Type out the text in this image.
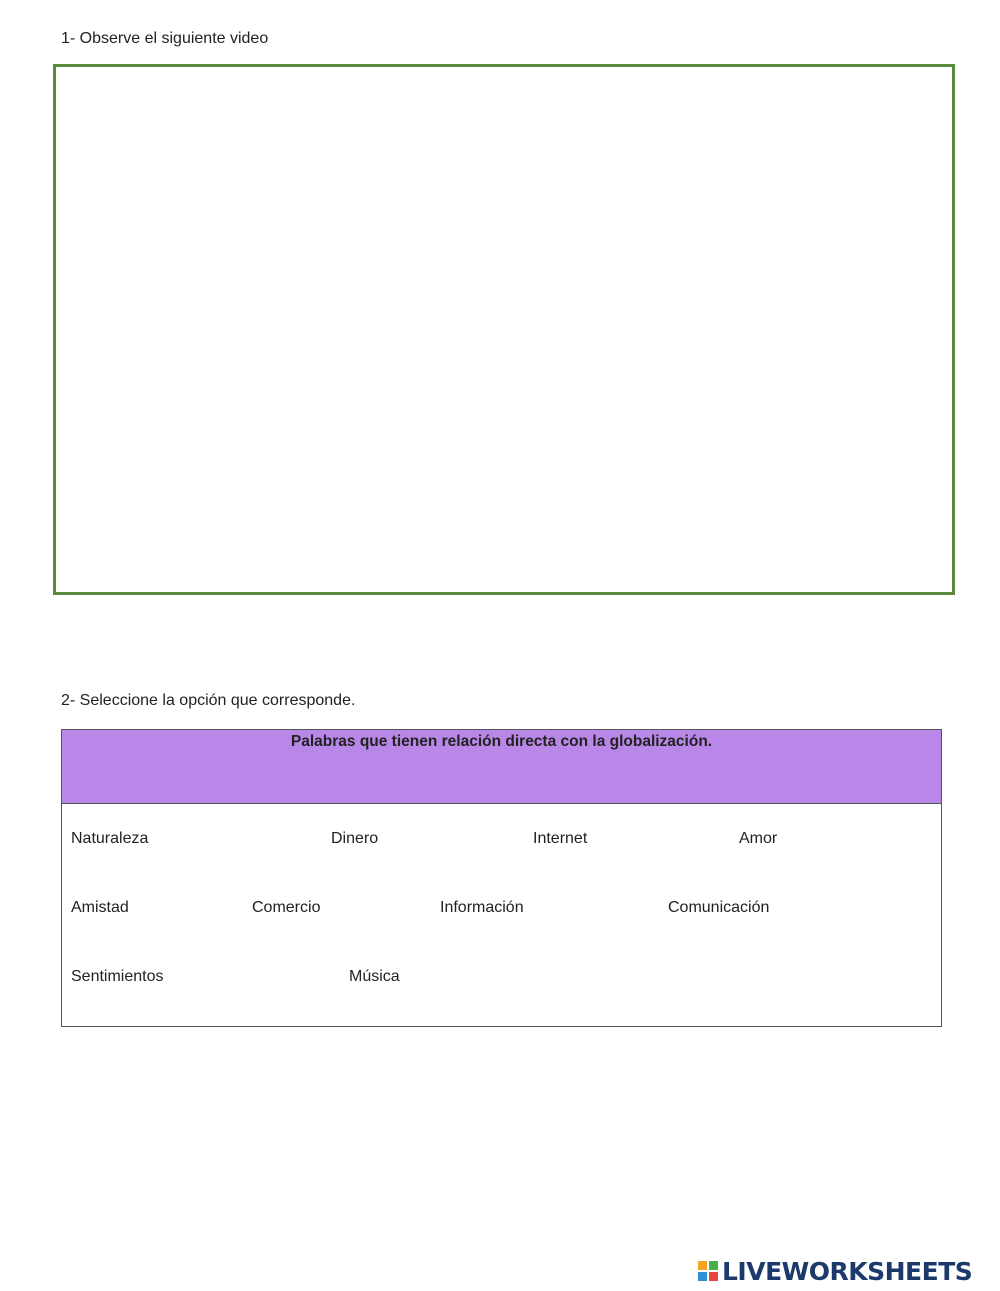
1- Observe el siguiente video
2- Seleccione la opción que corresponde.
Palabras que tienen relación directa con la globalización.
Naturaleza	Dinero	Internet	Amor
Amistad	Comercio	Información	Comunicación
Sentimientos	Música
LIVEWORKSHEETS
